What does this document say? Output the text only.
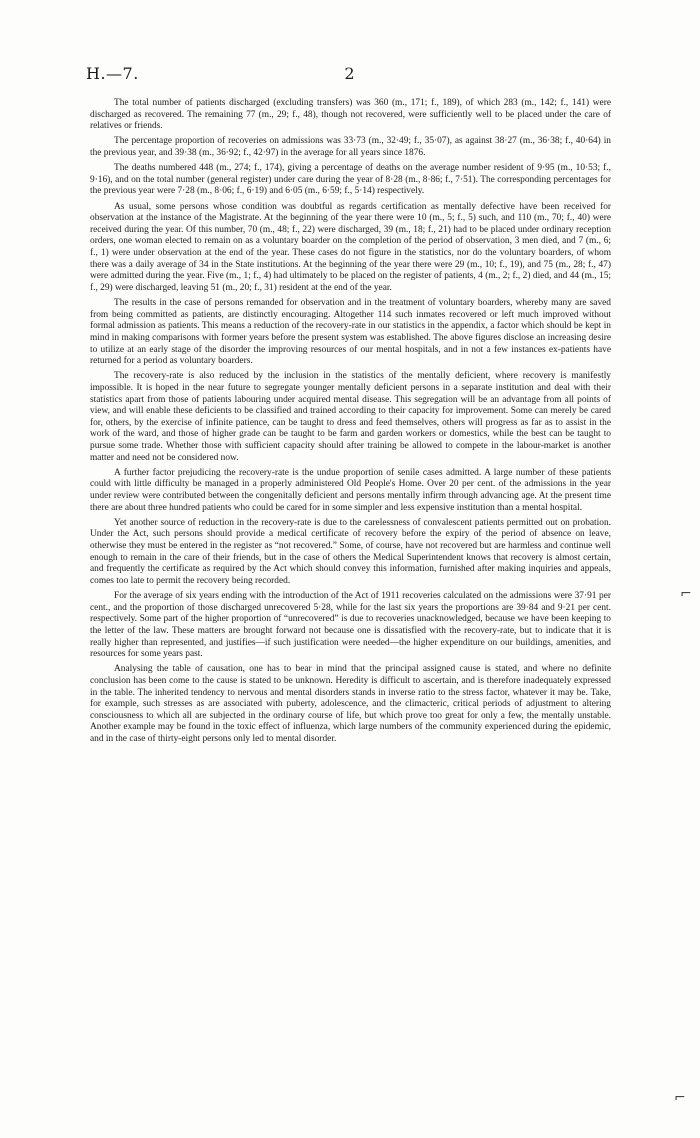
H.—7.	2

The total number of patients discharged (excluding transfers) was 360 (m., 171; f., 189), of which 283 (m., 142; f., 141) were discharged as recovered. The remaining 77 (m., 29; f., 48), though not recovered, were sufficiently well to be placed under the care of relatives or friends.

The percentage proportion of recoveries on admissions was 33·73 (m., 32·49; f., 35·07), as against 38·27 (m., 36·38; f., 40·64) in the previous year, and 39·38 (m., 36·92; f., 42·97) in the average for all years since 1876.

The deaths numbered 448 (m., 274; f., 174), giving a percentage of deaths on the average number resident of 9·95 (m., 10·53; f., 9·16), and on the total number (general register) under care during the year of 8·28 (m., 8·86; f., 7·51). The corresponding percentages for the previous year were 7·28 (m., 8·06; f., 6·19) and 6·05 (m., 6·59; f., 5·14) respectively.

As usual, some persons whose condition was doubtful as regards certification as mentally defective have been received for observation at the instance of the Magistrate. At the beginning of the year there were 10 (m., 5; f., 5) such, and 110 (m., 70; f., 40) were received during the year. Of this number, 70 (m., 48; f., 22) were discharged, 39 (m., 18; f., 21) had to be placed under ordinary reception orders, one woman elected to remain on as a voluntary boarder on the completion of the period of observation, 3 men died, and 7 (m., 6; f., 1) were under observation at the end of the year. These cases do not figure in the statistics, nor do the voluntary boarders, of whom there was a daily average of 34 in the State institutions. At the beginning of the year there were 29 (m., 10; f., 19), and 75 (m., 28; f., 47) were admitted during the year. Five (m., 1; f., 4) had ultimately to be placed on the register of patients, 4 (m., 2; f., 2) died, and 44 (m., 15; f., 29) were discharged, leaving 51 (m., 20; f., 31) resident at the end of the year.

The results in the case of persons remanded for observation and in the treatment of voluntary boarders, whereby many are saved from being committed as patients, are distinctly encouraging. Altogether 114 such inmates recovered or left much improved without formal admission as patients. This means a reduction of the recovery-rate in our statistics in the appendix, a factor which should be kept in mind in making comparisons with former years before the present system was established. The above figures disclose an increasing desire to utilize at an early stage of the disorder the improving resources of our mental hospitals, and in not a few instances ex-patients have returned for a period as voluntary boarders.

The recovery-rate is also reduced by the inclusion in the statistics of the mentally deficient, where recovery is manifestly impossible. It is hoped in the near future to segregate younger mentally deficient persons in a separate institution and deal with their statistics apart from those of patients labouring under acquired mental disease. This segregation will be an advantage from all points of view, and will enable these deficients to be classified and trained according to their capacity for improvement. Some can merely be cared for, others, by the exercise of infinite patience, can be taught to dress and feed themselves, others will progress as far as to assist in the work of the ward, and those of higher grade can be taught to be farm and garden workers or domestics, while the best can be taught to pursue some trade. Whether those with sufficient capacity should after training be allowed to compete in the labour-market is another matter and need not be considered now.

A further factor prejudicing the recovery-rate is the undue proportion of senile cases admitted. A large number of these patients could with little difficulty be managed in a properly administered Old People's Home. Over 20 per cent. of the admissions in the year under review were contributed between the congenitally deficient and persons mentally infirm through advancing age. At the present time there are about three hundred patients who could be cared for in some simpler and less expensive institution than a mental hospital.

Yet another source of reduction in the recovery-rate is due to the carelessness of convalescent patients permitted out on probation. Under the Act, such persons should provide a medical certificate of recovery before the expiry of the period of absence on leave, otherwise they must be entered in the register as “not recovered.” Some, of course, have not recovered but are harmless and continue well enough to remain in the care of their friends, but in the case of others the Medical Superintendent knows that recovery is almost certain, and frequently the certificate as required by the Act which should convey this information, furnished after making inquiries and appeals, comes too late to permit the recovery being recorded.

For the average of six years ending with the introduction of the Act of 1911 recoveries calculated on the admissions were 37·91 per cent., and the proportion of those discharged unrecovered 5·28, while for the last six years the proportions are 39·84 and 9·21 per cent. respectively. Some part of the higher proportion of “unrecovered” is due to recoveries unacknowledged, because we have been keeping to the letter of the law. These matters are brought forward not because one is dissatisfied with the recovery-rate, but to indicate that it is really higher than represented, and justifies—if such justification were needed—the higher expenditure on our buildings, amenities, and resources for some years past.

Analysing the table of causation, one has to bear in mind that the principal assigned cause is stated, and where no definite conclusion has been come to the cause is stated to be unknown. Heredity is difficult to ascertain, and is therefore inadequately expressed in the table. The inherited tendency to nervous and mental disorders stands in inverse ratio to the stress factor, whatever it may be. Take, for example, such stresses as are associated with puberty, adolescence, and the climacteric, critical periods of adjustment to altering consciousness to which all are subjected in the ordinary course of life, but which prove too great for only a few, the mentally unstable. Another example may be found in the toxic effect of influenza, which large numbers of the community experienced during the epidemic, and in the case of thirty-eight persons only led to mental disorder.

⌐
⌐
